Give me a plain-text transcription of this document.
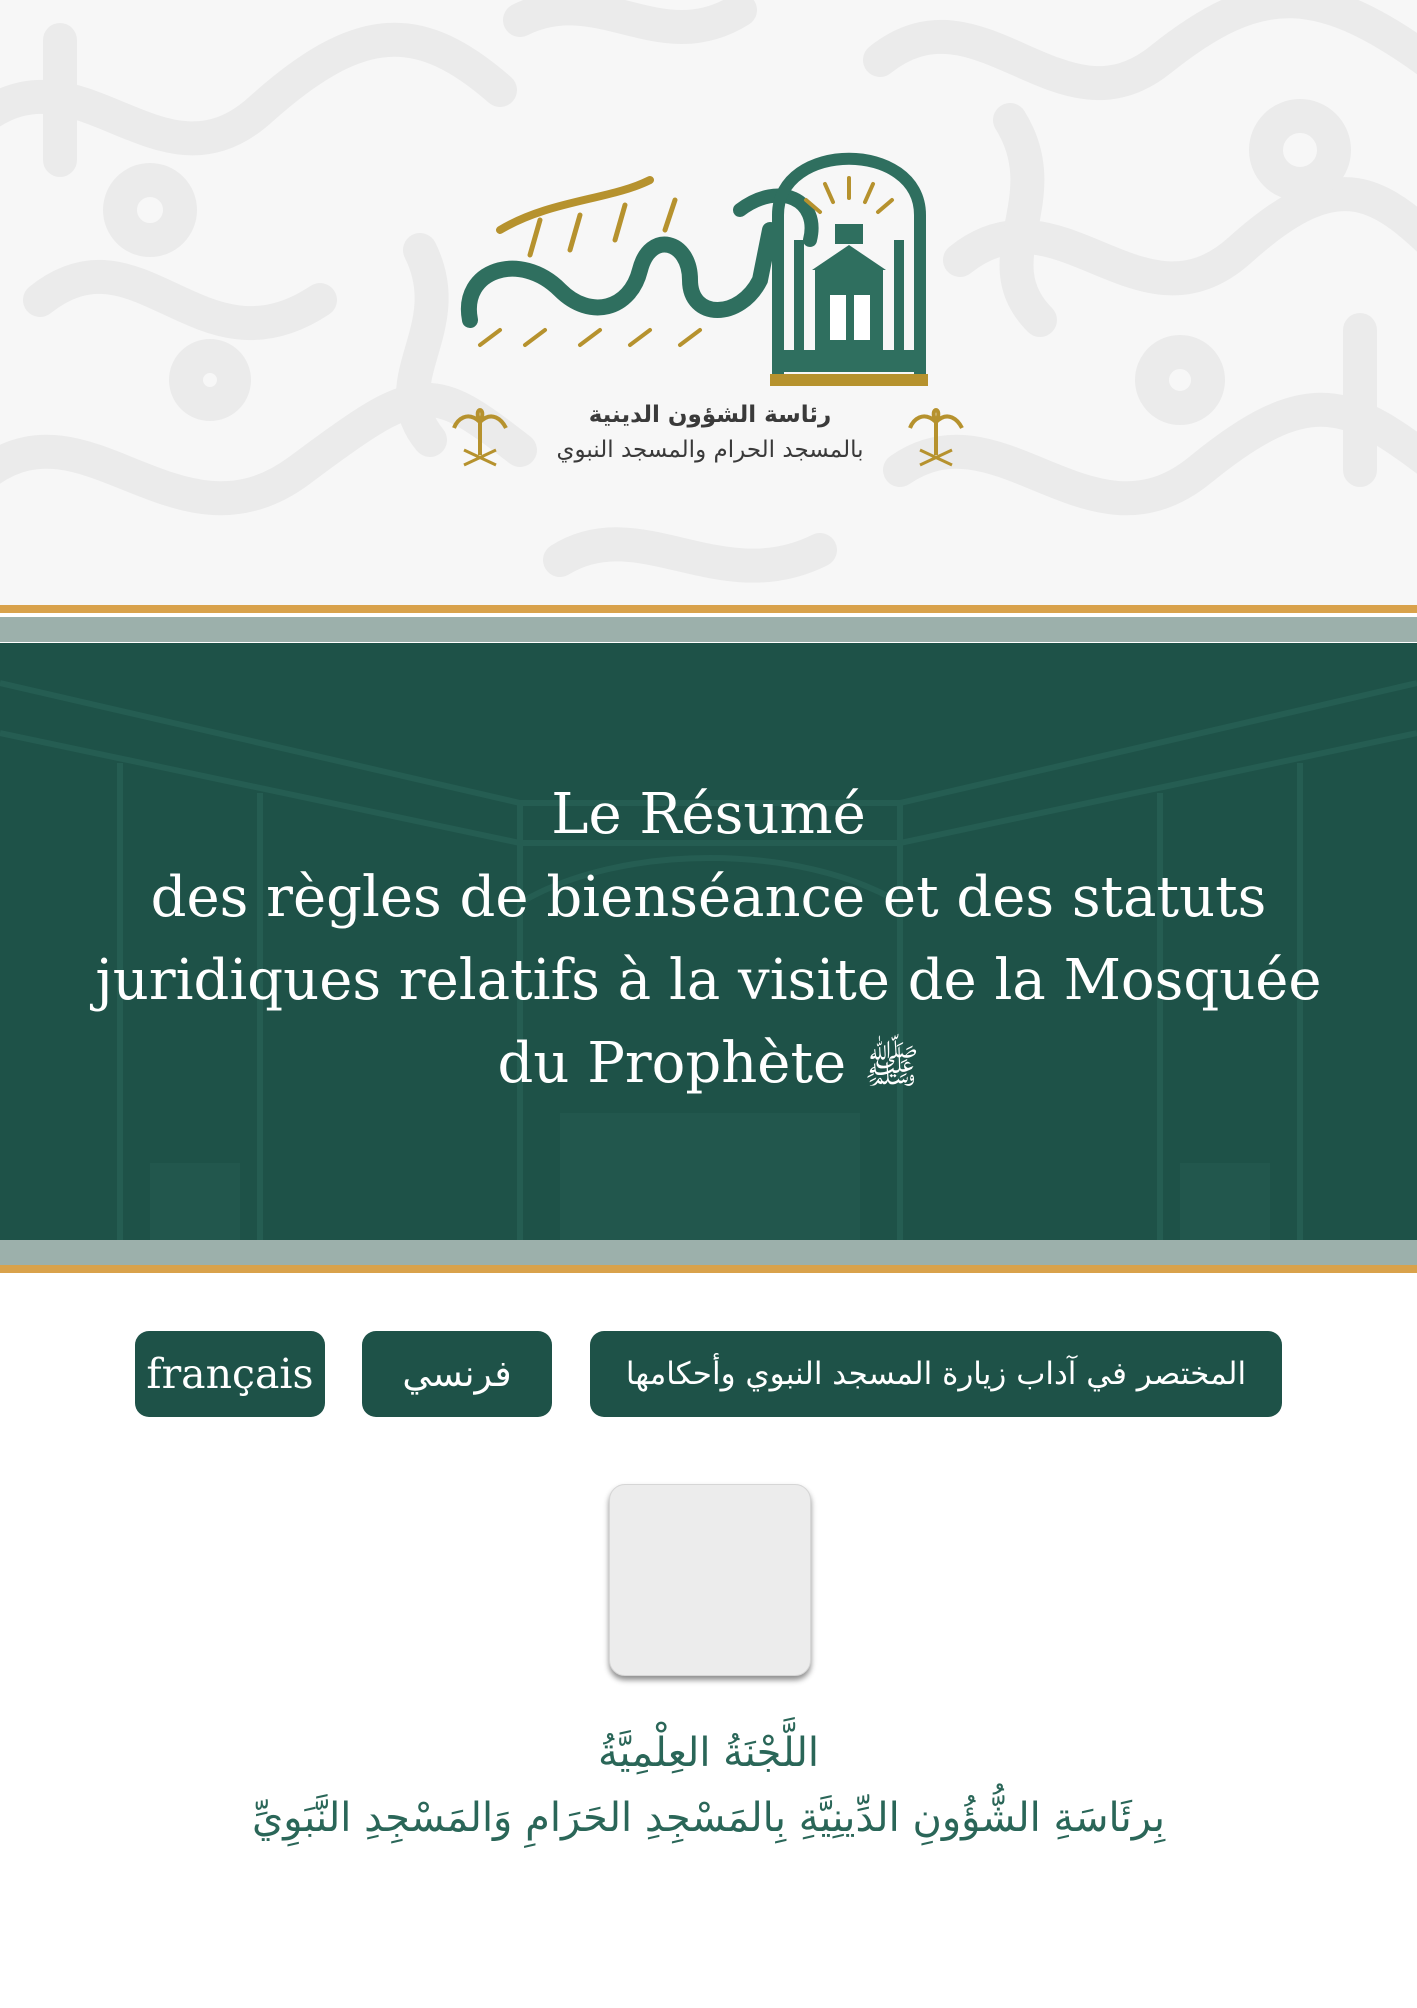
رئاسة الشؤون الدينية
بالمسجد الحرام والمسجد النبوي
Le Résumé
des règles de bienséance et des statuts
juridiques relatifs à la visite de la Mosquée
du Prophète ﷺ
français	فرنسي	المختصر في آداب زيارة المسجد النبوي وأحكامها
اللَّجْنَةُ العِلْمِيَّةُ
بِرئَاسَةِ الشُّؤُونِ الدِّينِيَّةِ بِالمَسْجِدِ الحَرَامِ وَالمَسْجِدِ النَّبَوِيِّ
